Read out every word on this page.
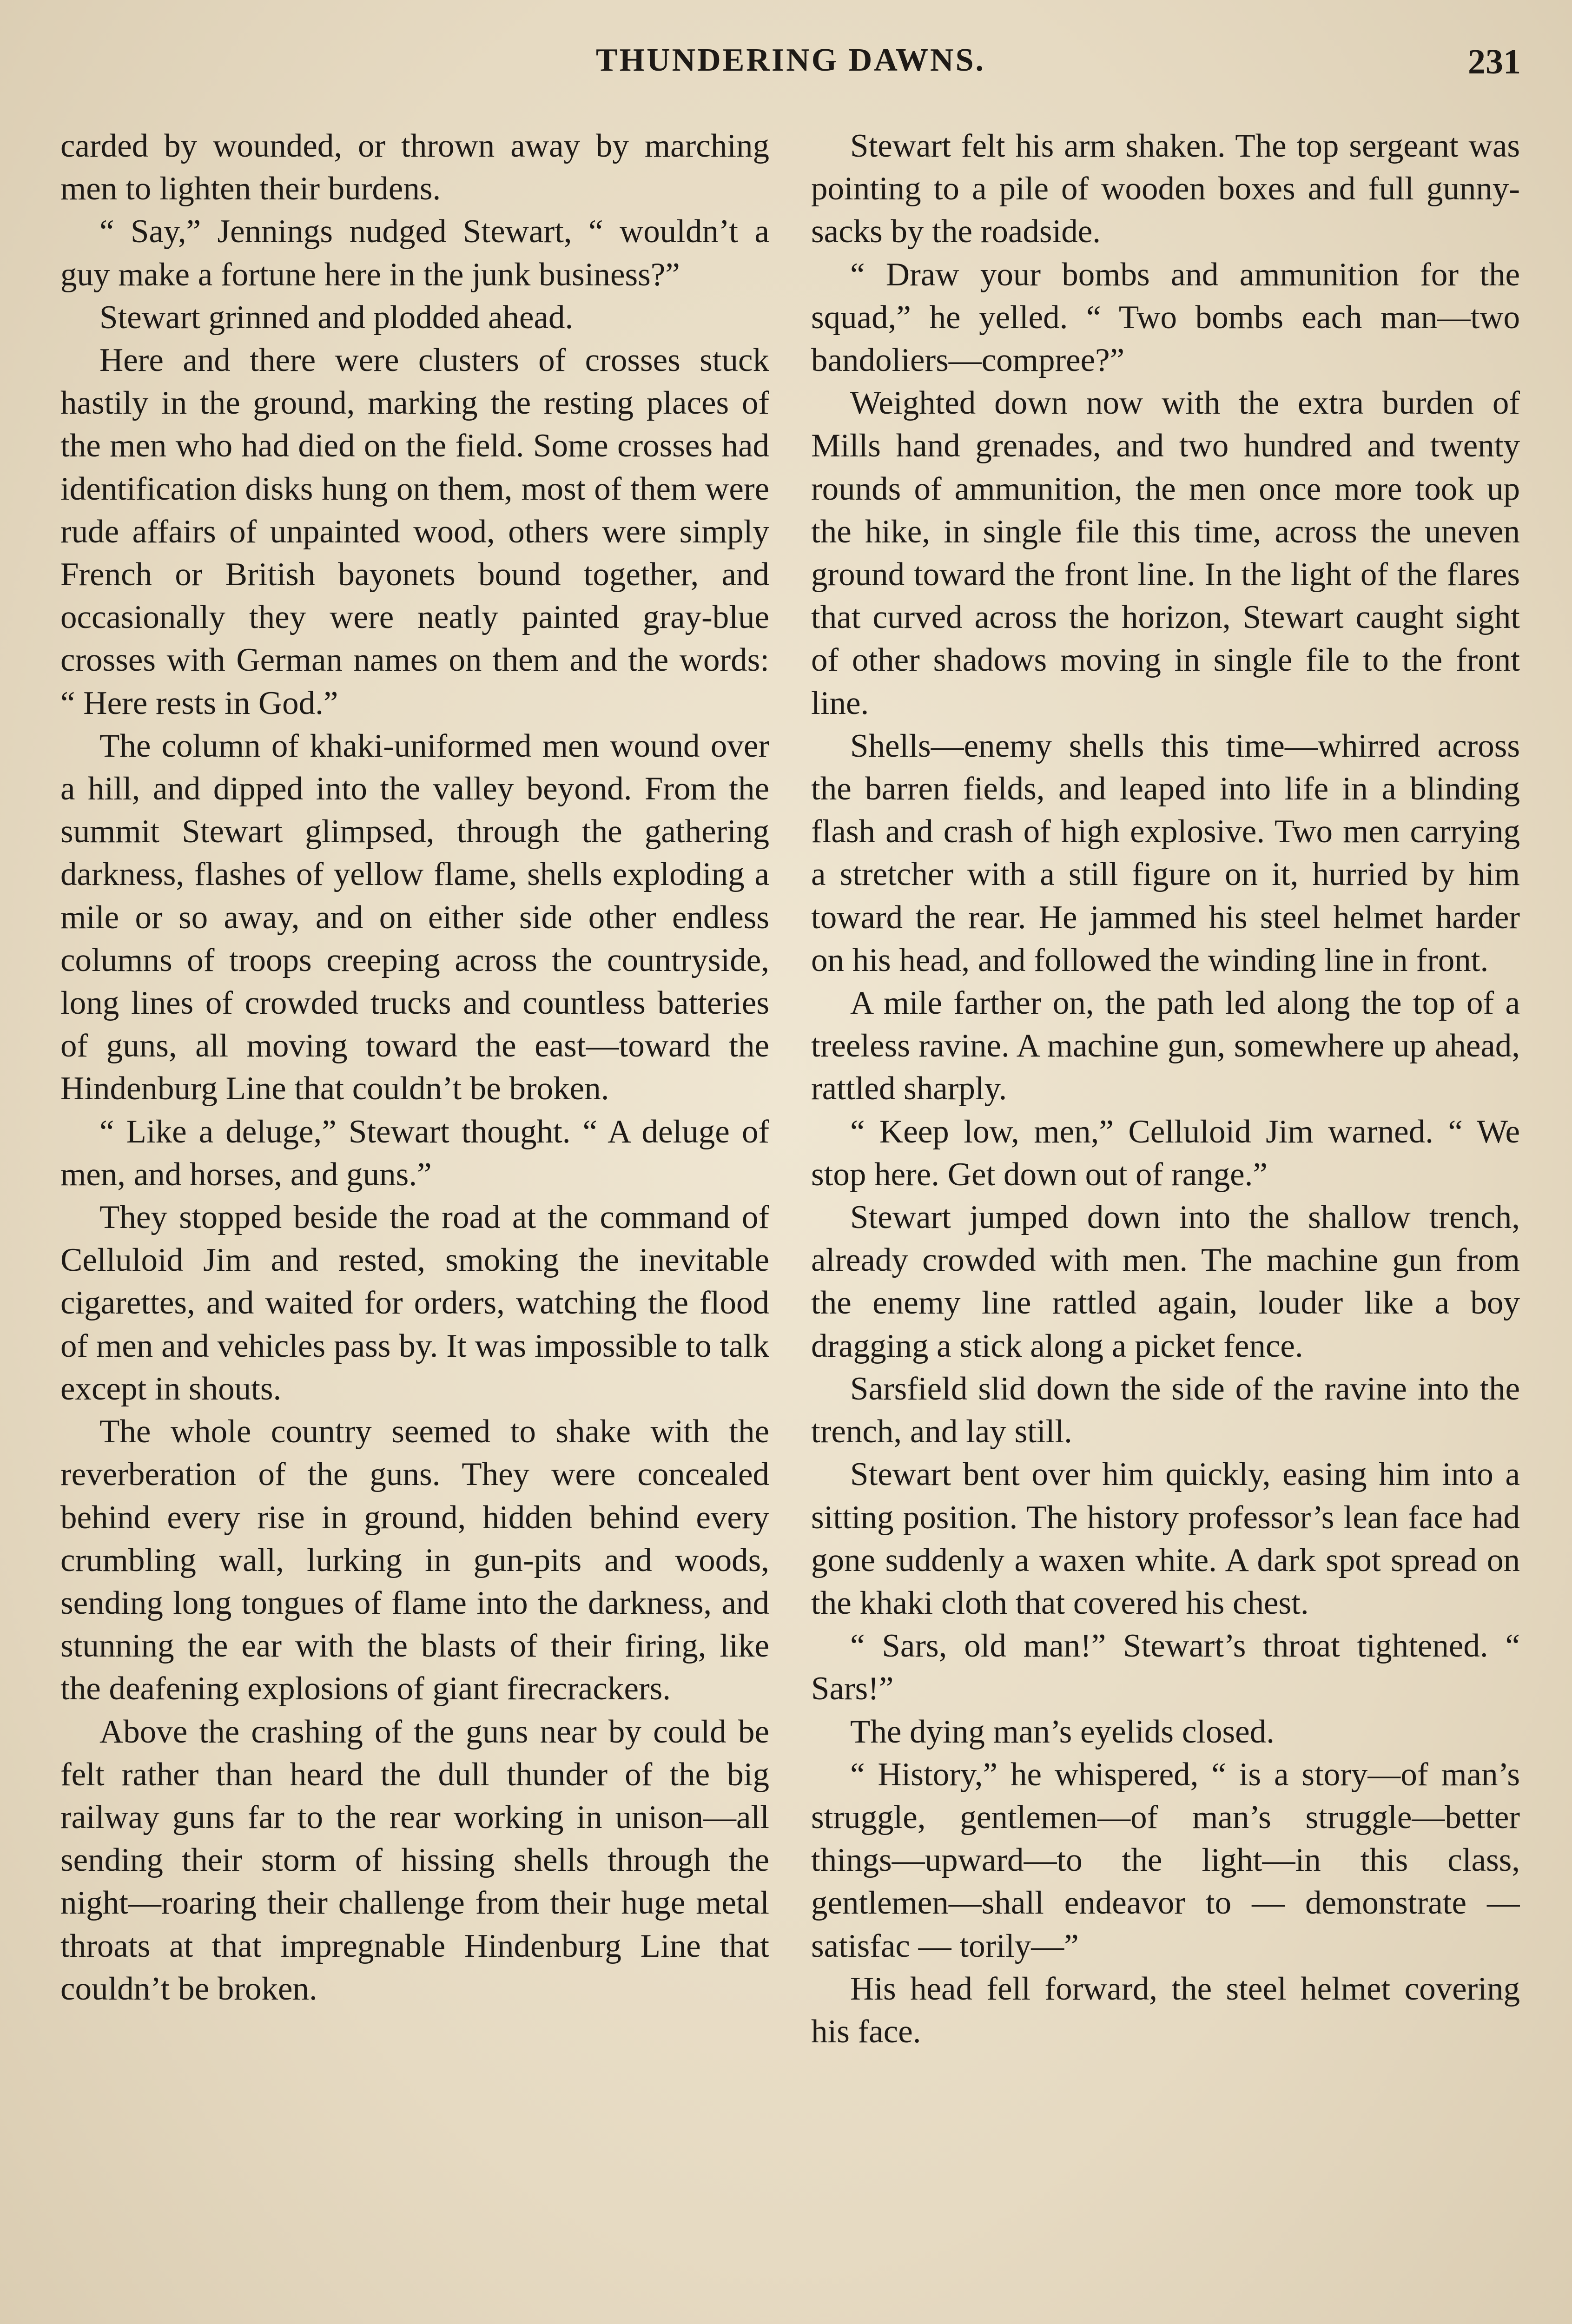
THUNDERING DAWNS.	231

carded by wounded, or thrown away by marching men to lighten their burdens.

“ Say,” Jennings nudged Stewart, “ wouldn’t a guy make a fortune here in the junk business?”

Stewart grinned and plodded ahead.

Here and there were clusters of crosses stuck hastily in the ground, marking the resting places of the men who had died on the field. Some crosses had identification disks hung on them, most of them were rude affairs of unpainted wood, others were simply French or British bayonets bound together, and occasionally they were neatly painted gray-blue crosses with German names on them and the words: “ Here rests in God.”

The column of khaki-uniformed men wound over a hill, and dipped into the valley beyond. From the summit Stewart glimpsed, through the gathering darkness, flashes of yellow flame, shells exploding a mile or so away, and on either side other endless columns of troops creeping across the countryside, long lines of crowded trucks and countless batteries of guns, all moving toward the east—toward the Hindenburg Line that couldn’t be broken.

“ Like a deluge,” Stewart thought. “ A deluge of men, and horses, and guns.”

They stopped beside the road at the command of Celluloid Jim and rested, smoking the inevitable cigarettes, and waited for orders, watching the flood of men and vehicles pass by. It was impossible to talk except in shouts.

The whole country seemed to shake with the reverberation of the guns. They were concealed behind every rise in ground, hidden behind every crumbling wall, lurking in gun-pits and woods, sending long tongues of flame into the darkness, and stunning the ear with the blasts of their firing, like the deafening explosions of giant firecrackers.

Above the crashing of the guns near by could be felt rather than heard the dull thunder of the big railway guns far to the rear working in unison—all sending their storm of hissing shells through the night—roaring their challenge from their huge metal throats at that impregnable Hindenburg Line that couldn’t be broken.

Stewart felt his arm shaken. The top sergeant was pointing to a pile of wooden boxes and full gunny-sacks by the roadside.

“ Draw your bombs and ammunition for the squad,” he yelled. “ Two bombs each man—two bandoliers—compree?”

Weighted down now with the extra burden of Mills hand grenades, and two hundred and twenty rounds of ammunition, the men once more took up the hike, in single file this time, across the uneven ground toward the front line. In the light of the flares that curved across the horizon, Stewart caught sight of other shadows moving in single file to the front line.

Shells—enemy shells this time—whirred across the barren fields, and leaped into life in a blinding flash and crash of high explosive. Two men carrying a stretcher with a still figure on it, hurried by him toward the rear. He jammed his steel helmet harder on his head, and followed the winding line in front.

A mile farther on, the path led along the top of a treeless ravine. A machine gun, somewhere up ahead, rattled sharply.

“ Keep low, men,” Celluloid Jim warned. “ We stop here. Get down out of range.”

Stewart jumped down into the shallow trench, already crowded with men. The machine gun from the enemy line rattled again, louder like a boy dragging a stick along a picket fence.

Sarsfield slid down the side of the ravine into the trench, and lay still.

Stewart bent over him quickly, easing him into a sitting position. The history professor’s lean face had gone suddenly a waxen white. A dark spot spread on the khaki cloth that covered his chest.

“ Sars, old man!” Stewart’s throat tightened. “ Sars!”

The dying man’s eyelids closed.

“ History,” he whispered, “ is a story—of man’s struggle, gentlemen—of man’s struggle—better things—upward—to the light—in this class, gentlemen—shall endeavor to — demonstrate — satisfac — torily—”

His head fell forward, the steel helmet covering his face.
